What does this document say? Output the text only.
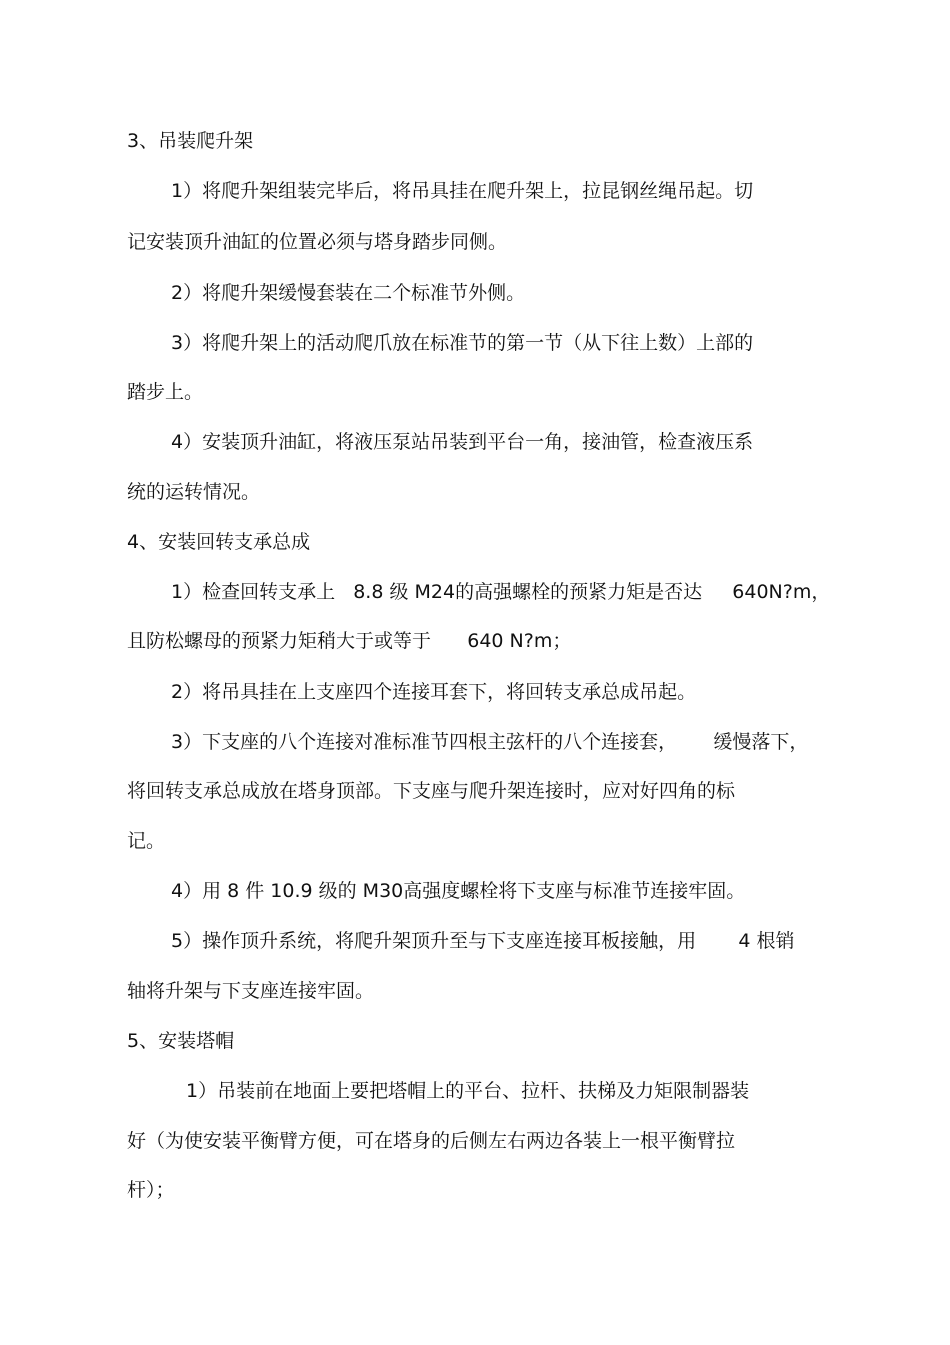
3、吊装爬升架
1）将爬升架组装完毕后，将吊具挂在爬升架上，拉昆钢丝绳吊起。切
记安装顶升油缸的位置必须与塔身踏步同侧。
2）将爬升架缓慢套装在二个标准节外侧。
3）将爬升架上的活动爬爪放在标准节的第一节（从下往上数）上部的
踏步上。
4）安装顶升油缸，将液压泵站吊装到平台一角，接油管，检查液压系
统的运转情况。
4、安装回转支承总成
1）检查回转支承上   8.8 级 M24的高强螺栓的预紧力矩是否达     640N?m，
且防松螺母的预紧力矩稍大于或等于      640 N?m；
2）将吊具挂在上支座四个连接耳套下，将回转支承总成吊起。
3）下支座的八个连接对准标准节四根主弦杆的八个连接套，      缓慢落下，
将回转支承总成放在塔身顶部。下支座与爬升架连接时，应对好四角的标
记。
4）用 8 件 10.9 级的 M30高强度螺栓将下支座与标准节连接牢固。
5）操作顶升系统，将爬升架顶升至与下支座连接耳板接触，用       4 根销
轴将升架与下支座连接牢固。
5、安装塔帽
1）吊装前在地面上要把塔帽上的平台、拉杆、扶梯及力矩限制器装
好（为使安装平衡臂方便，可在塔身的后侧左右两边各装上一根平衡臂拉
杆）；
